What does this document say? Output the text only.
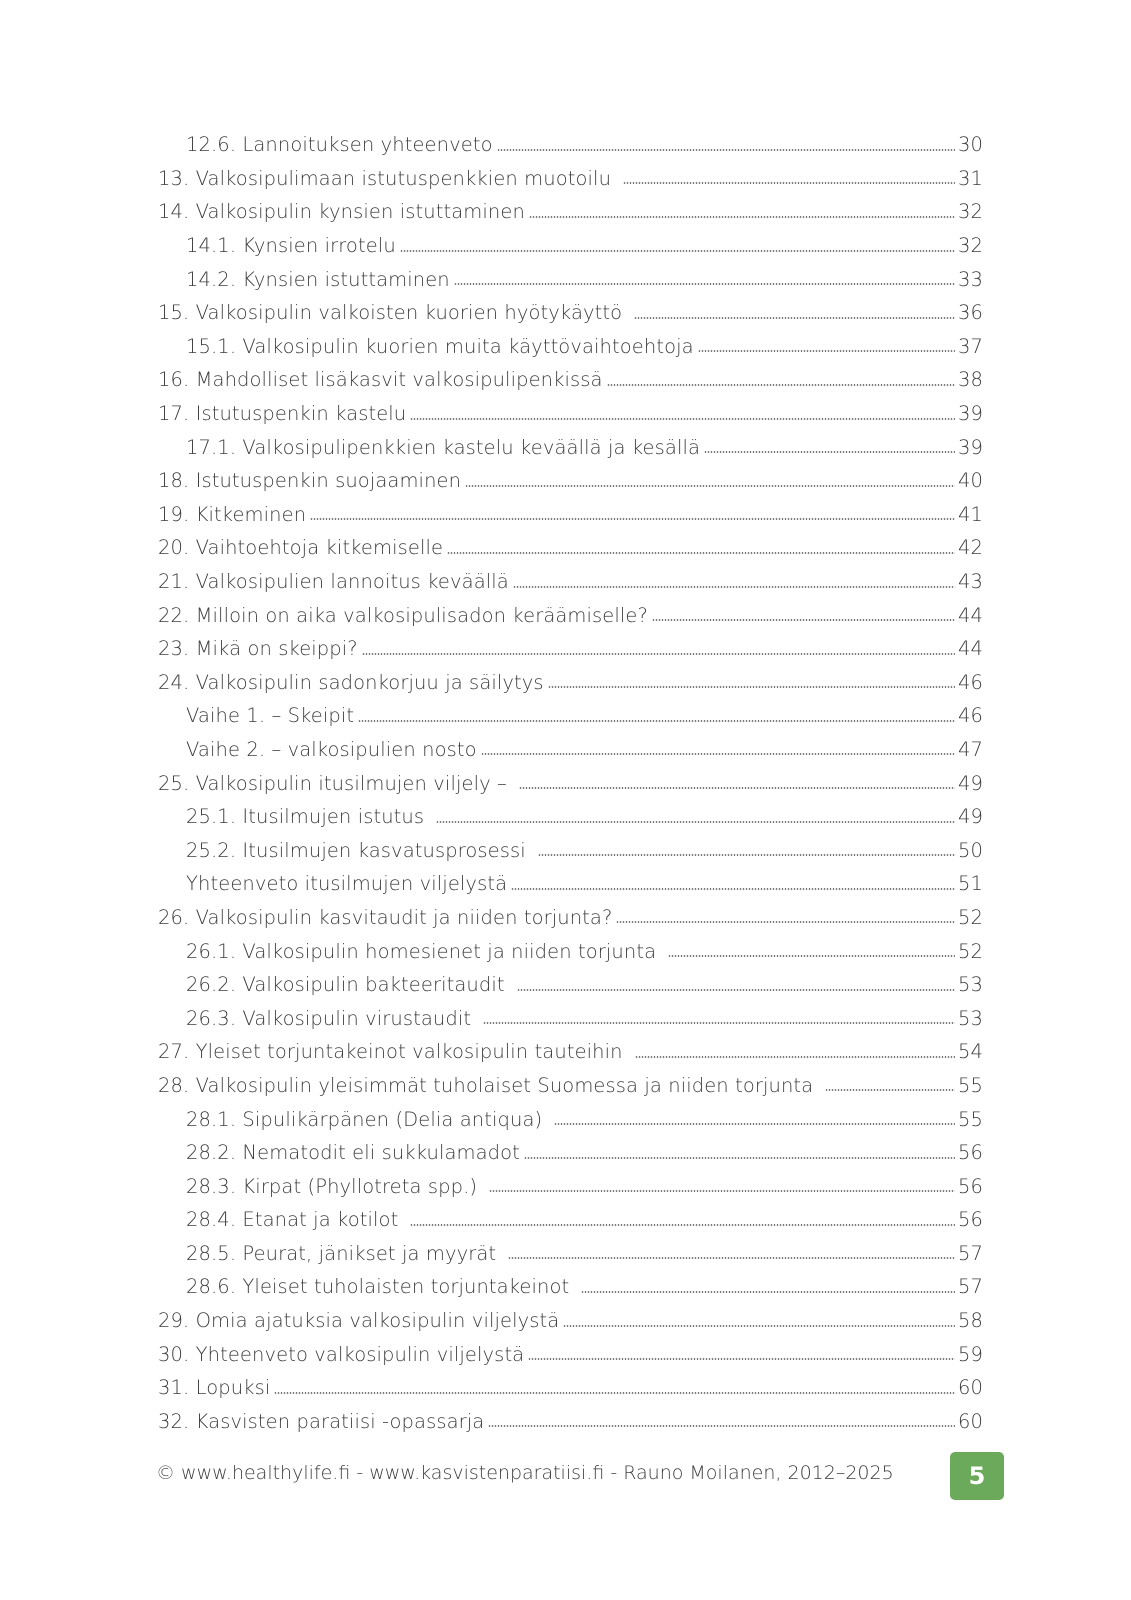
12.6. Lannoituksen yhteenveto	30
13. Valkosipulimaan istutuspenkkien muotoilu	31
14. Valkosipulin kynsien istuttaminen	32
14.1. Kynsien irrotelu	32
14.2. Kynsien istuttaminen	33
15. Valkosipulin valkoisten kuorien hyötykäyttö	36
15.1. Valkosipulin kuorien muita käyttövaihtoehtoja	37
16. Mahdolliset lisäkasvit valkosipulipenkissä	38
17. Istutuspenkin kastelu	39
17.1. Valkosipulipenkkien kastelu keväällä ja kesällä	39
18. Istutuspenkin suojaaminen	40
19. Kitkeminen	41
20. Vaihtoehtoja kitkemiselle	42
21. Valkosipulien lannoitus keväällä	43
22. Milloin on aika valkosipulisadon keräämiselle?	44
23. Mikä on skeippi?	44
24. Valkosipulin sadonkorjuu ja säilytys	46
Vaihe 1. – Skeipit	46
Vaihe 2. – valkosipulien nosto	47
25. Valkosipulin itusilmujen viljely –	49
25.1. Itusilmujen istutus	49
25.2. Itusilmujen kasvatusprosessi	50
Yhteenveto itusilmujen viljelystä	51
26. Valkosipulin kasvitaudit ja niiden torjunta?	52
26.1. Valkosipulin homesienet ja niiden torjunta	52
26.2. Valkosipulin bakteeritaudit	53
26.3. Valkosipulin virustaudit	53
27. Yleiset torjuntakeinot valkosipulin tauteihin	54
28. Valkosipulin yleisimmät tuholaiset Suomessa ja niiden torjunta	55
28.1. Sipulikärpänen (Delia antiqua)	55
28.2. Nematodit eli sukkulamadot	56
28.3. Kirpat (Phyllotreta spp.)	56
28.4. Etanat ja kotilot	56
28.5. Peurat, jänikset ja myyrät	57
28.6. Yleiset tuholaisten torjuntakeinot	57
29. Omia ajatuksia valkosipulin viljelystä	58
30. Yhteenveto valkosipulin viljelystä	59
31. Lopuksi	60
32. Kasvisten paratiisi -opassarja	60
© www.healthylife.fi - www.kasvistenparatiisi.fi - Rauno Moilanen, 2012–2025	5
